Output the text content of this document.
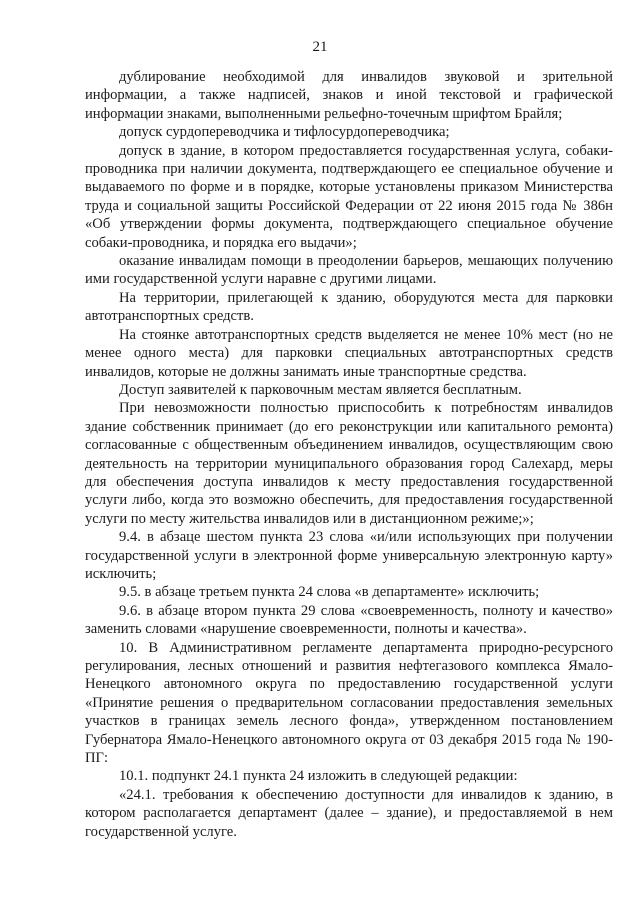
21

дублирование необходимой для инвалидов звуковой и зрительной информации, а также надписей, знаков и иной текстовой и графической информации знаками, выполненными рельефно-точечным шрифтом Брайля;

допуск сурдопереводчика и тифлосурдопереводчика;

допуск в здание, в котором предоставляется государственная услуга, собаки-проводника при наличии документа, подтверждающего ее специальное обучение и выдаваемого по форме и в порядке, которые установлены приказом Министерства труда и социальной защиты Российской Федерации от 22 июня 2015 года № 386н «Об утверждении формы документа, подтверждающего специальное обучение собаки-проводника, и порядка его выдачи»;

оказание инвалидам помощи в преодолении барьеров, мешающих получению ими государственной услуги наравне с другими лицами.

На территории, прилегающей к зданию, оборудуются места для парковки автотранспортных средств.

На стоянке автотранспортных средств выделяется не менее 10% мест (но не менее одного места) для парковки специальных автотранспортных средств инвалидов, которые не должны занимать иные транспортные средства.

Доступ заявителей к парковочным местам является бесплатным.

При невозможности полностью приспособить к потребностям инвалидов здание собственник принимает (до его реконструкции или капитального ремонта) согласованные с общественным объединением инвалидов, осуществляющим свою деятельность на территории муниципального образования город Салехард, меры для обеспечения доступа инвалидов к месту предоставления государственной услуги либо, когда это возможно обеспечить, для предоставления государственной услуги по месту жительства инвалидов или в дистанционном режиме;»;

9.4. в абзаце шестом пункта 23 слова «и/или использующих при получении государственной услуги в электронной форме универсальную электронную карту» исключить;

9.5. в абзаце третьем пункта 24 слова «в департаменте» исключить;

9.6. в абзаце втором пункта 29 слова «своевременность, полноту и качество» заменить словами «нарушение своевременности, полноты и качества».

10. В Административном регламенте департамента природно-ресурсного регулирования, лесных отношений и развития нефтегазового комплекса Ямало-Ненецкого автономного округа по предоставлению государственной услуги «Принятие решения о предварительном согласовании предоставления земельных участков в границах земель лесного фонда», утвержденном постановлением Губернатора Ямало-Ненецкого автономного округа от 03 декабря 2015 года № 190-ПГ:

10.1. подпункт 24.1 пункта 24 изложить в следующей редакции:

«24.1. требования к обеспечению доступности для инвалидов к зданию, в котором располагается департамент (далее – здание), и предоставляемой в нем государственной услуге.
